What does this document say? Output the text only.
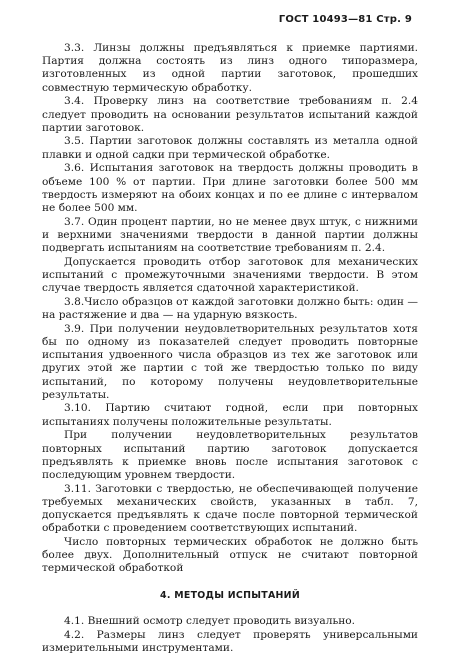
ГОСТ 10493—81 Стр. 9

3.3. Линзы должны предъявляться к приемке партиями. Партия должна состоять из линз одного типоразмера, изготовленных из одной партии заготовок, прошедших совместную термическую обработку.

3.4. Проверку линз на соответствие требованиям п. 2.4 следует проводить на основании результатов испытаний каждой партии заготовок.

3.5. Партии заготовок должны составлять из металла одной плавки и одной садки при термической обработке.

3.6. Испытания заготовок на твердость должны проводить в объеме 100 % от партии. При длине заготовки более 500 мм твердость измеряют на обоих концах и по ее длине с интервалом не более 500 мм.

3.7. Один процент партии, но не менее двух штук, с нижними и верхними значениями твердости в данной партии должны подвергать испытаниям на соответствие требованиям п. 2.4.

Допускается проводить отбор заготовок для механических испытаний с промежуточными значениями твердости. В этом случае твердость является сдаточной характеристикой.

3.8.Число образцов от каждой заготовки должно быть: один — на растяжение и два — на ударную вязкость.

3.9. При получении неудовлетворительных результатов хотя бы по одному из показателей следует проводить повторные испытания удвоенного числа образцов из тех же заготовок или других этой же партии с той же твердостью только по виду испытаний, по которому получены неудовлетворительные результаты.

3.10. Партию считают годной, если при повторных испытаниях получены положительные результаты.

При получении неудовлетворительных результатов повторных испытаний партию заготовок допускается предъявлять к приемке вновь после испытания заготовок с последующим уровнем твердости.

3.11. Заготовки с твердостью, не обеспечивающей получение требуемых механических свойств, указанных в табл. 7, допускается предъявлять к сдаче после повторной термической обработки с проведением соответствующих испытаний.

Число повторных термических обработок не должно быть более двух. Дополнительный отпуск не считают повторной термической обработкой

4. МЕТОДЫ ИСПЫТАНИЙ

4.1. Внешний осмотр следует проводить визуально.

4.2. Размеры линз следует проверять универсальными измерительными инструментами.
